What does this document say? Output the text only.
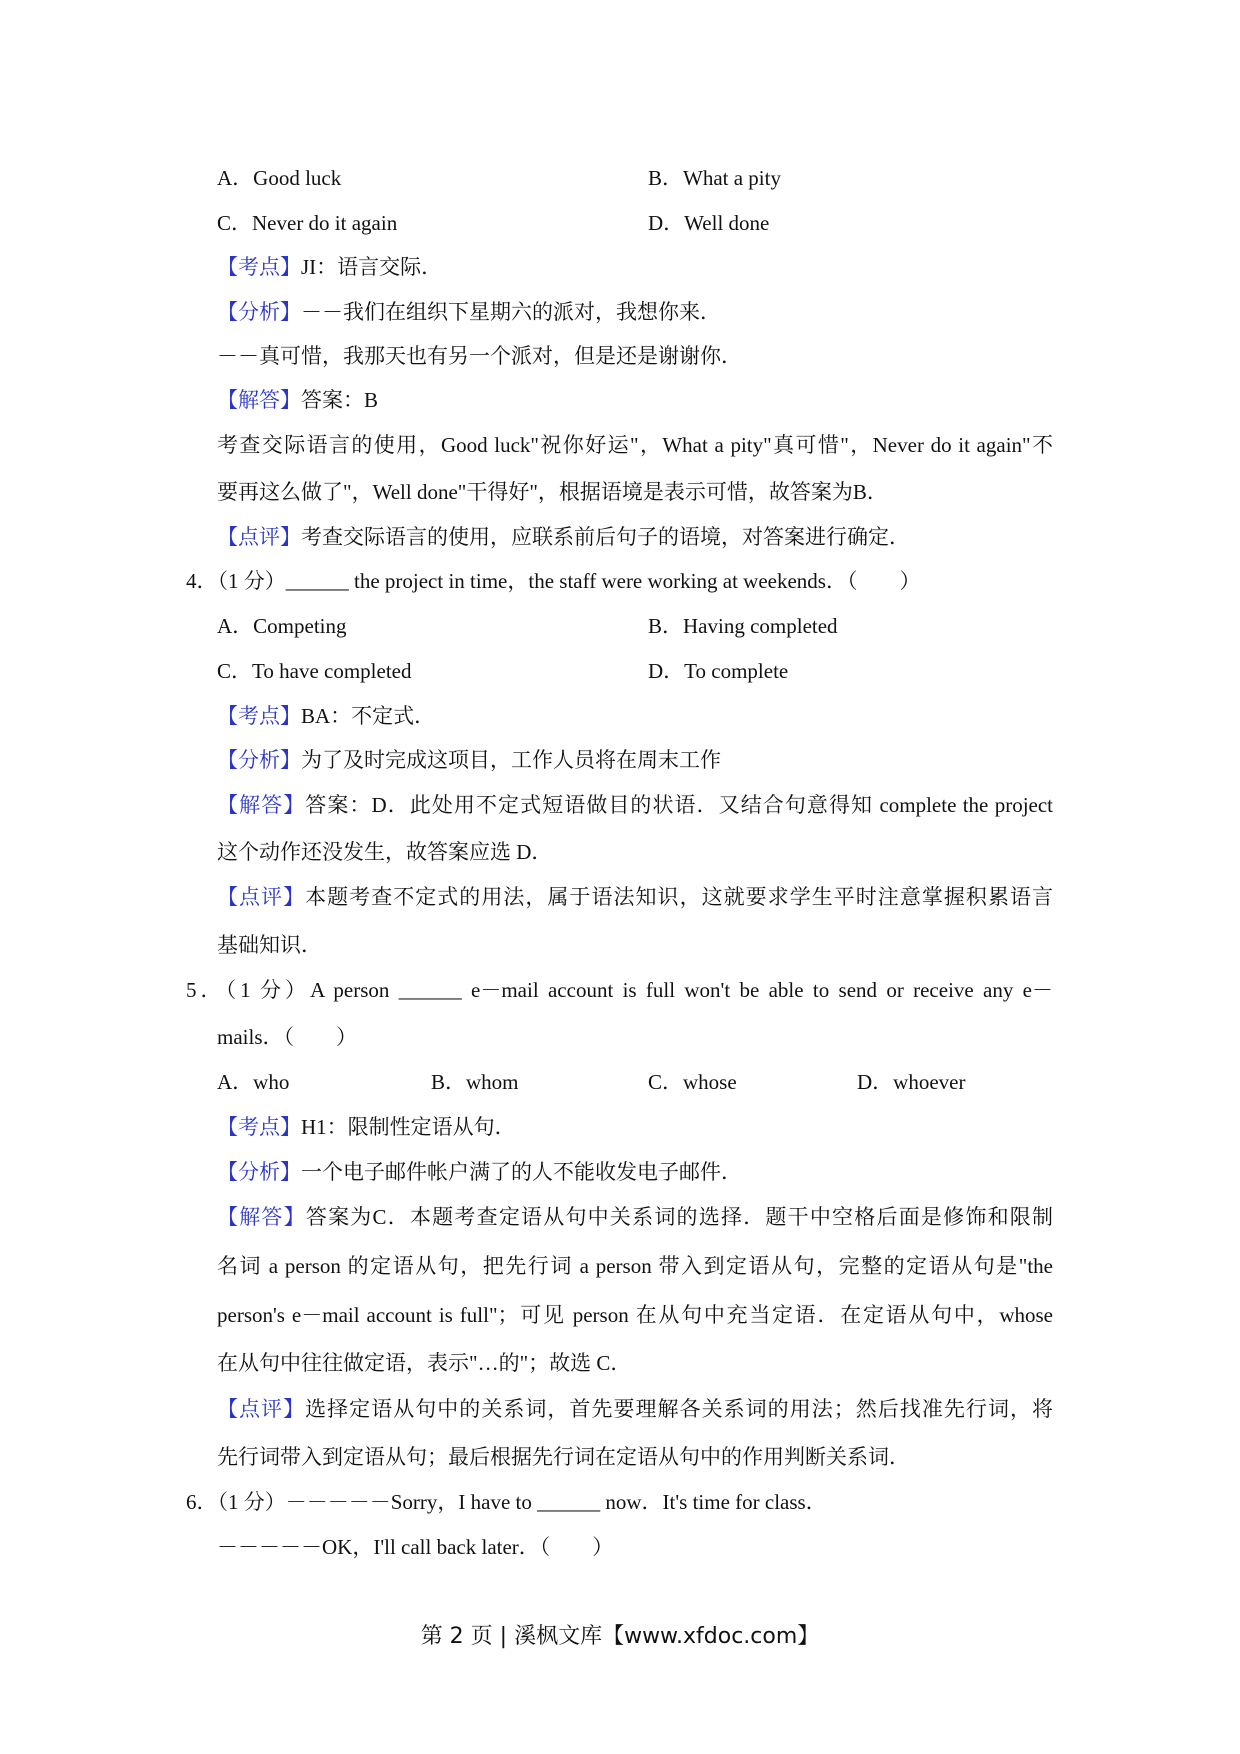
A．Good luck	B．What a pity
C．Never do it again	D．Well done
【考点】JI：语言交际．
【分析】－－我们在组织下星期六的派对，我想你来．
－－真可惜，我那天也有另一个派对，但是还是谢谢你．
【解答】答案：B
考查交际语言的使用，Good luck"祝你好运"，What a pity"真可惜"，Never do it again"不
要再这么做了"，Well done"干得好"，根据语境是表示可惜，故答案为B．
【点评】考查交际语言的使用，应联系前后句子的语境，对答案进行确定．
4．（1 分）______ the project in time，the staff were working at weekends．（　　）
A．Competing	B．Having completed
C．To have completed	D．To complete
【考点】BA：不定式．
【分析】为了及时完成这项目，工作人员将在周末工作
【解答】答案：D．此处用不定式短语做目的状语．又结合句意得知 complete the project
这个动作还没发生，故答案应选 D．
【点评】本题考查不定式的用法，属于语法知识，这就要求学生平时注意掌握积累语言
基础知识．
5．（1 分）A person ______ e－mail account is full won't be able to send or receive any e－
mails．（　　）
A．who	B．whom	C．whose	D．whoever
【考点】H1：限制性定语从句．
【分析】一个电子邮件帐户满了的人不能收发电子邮件．
【解答】答案为C．本题考查定语从句中关系词的选择．题干中空格后面是修饰和限制
名词 a person 的定语从句，把先行词 a person 带入到定语从句，完整的定语从句是"the
person's e－mail account is full"；可见 person 在从句中充当定语．在定语从句中，whose
在从句中往往做定语，表示"…的"；故选 C．
【点评】选择定语从句中的关系词，首先要理解各关系词的用法；然后找准先行词，将
先行词带入到定语从句；最后根据先行词在定语从句中的作用判断关系词．
6．（1 分）－－－－－Sorry，I have to ______ now．It's time for class．
－－－－－OK，I'll call back later．（　　）
第 2 页 | 溪枫文库【www.xfdoc.com】
